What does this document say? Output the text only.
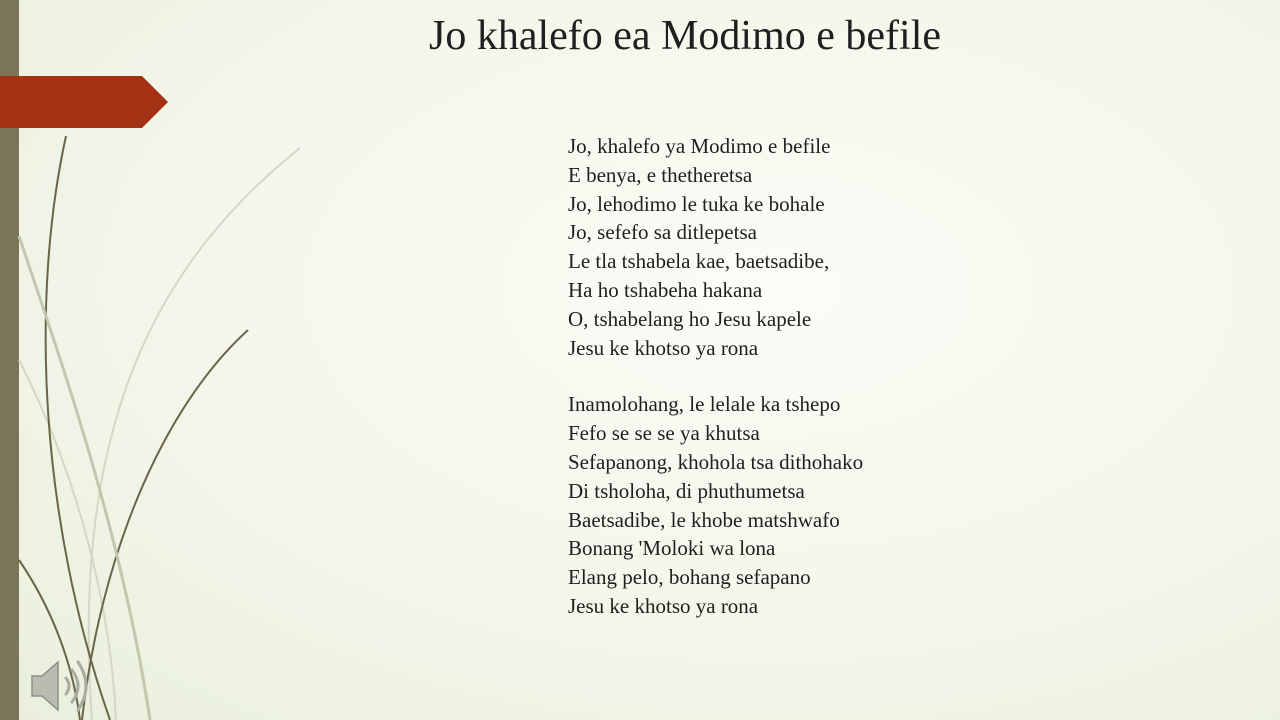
Jo khalefo ea Modimo e befile
Jo, khalefo ya Modimo e befile
E benya, e thetheretsa
Jo, lehodimo le tuka ke bohale
Jo, sefefo sa ditlepetsa
Le tla tshabela kae, baetsadibe,
Ha ho tshabeha hakana
O, tshabelang ho Jesu kapele
Jesu ke khotso ya rona
Inamolohang, le lelale ka tshepo
Fefo se se se ya khutsa
Sefapanong, khohola tsa dithohako
Di tsholoha, di phuthumetsa
Baetsadibe, le khobe matshwafo
Bonang 'Moloki wa lona
Elang pelo, bohang sefapano
Jesu ke khotso ya rona
